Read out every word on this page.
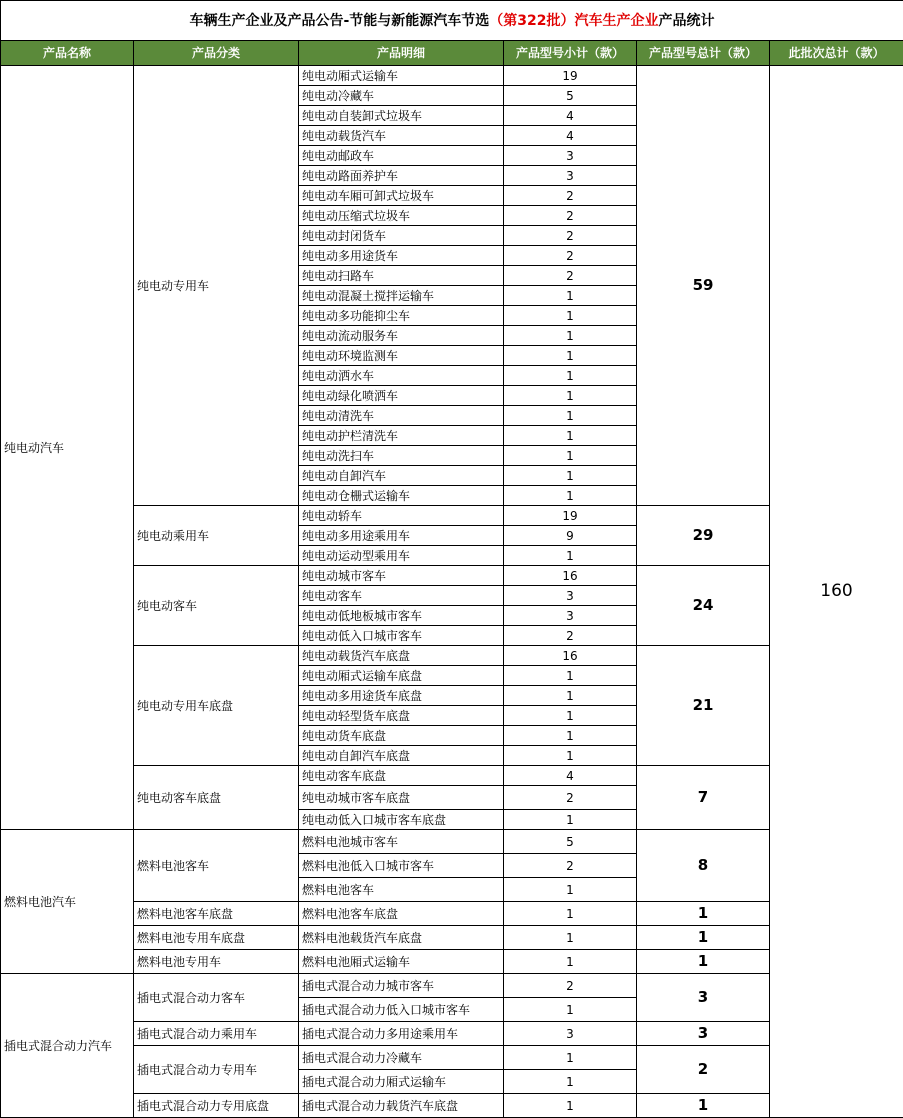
车辆生产企业及产品公告-节能与新能源汽车节选（第322批）汽车生产企业产品统计					
产品名称	产品分类	产品明细	产品型号小计（款）	产品型号总计（款）	此批次总计（款）
纯电动汽车	纯电动专用车	纯电动厢式运输车	19	59	160
		纯电动冷藏车	5		
		纯电动自装卸式垃圾车	4		
		纯电动载货汽车	4		
		纯电动邮政车	3		
		纯电动路面养护车	3		
		纯电动车厢可卸式垃圾车	2		
		纯电动压缩式垃圾车	2		
		纯电动封闭货车	2		
		纯电动多用途货车	2		
		纯电动扫路车	2		
		纯电动混凝土搅拌运输车	1		
		纯电动多功能抑尘车	1		
		纯电动流动服务车	1		
		纯电动环境监测车	1		
		纯电动洒水车	1		
		纯电动绿化喷洒车	1		
		纯电动清洗车	1		
		纯电动护栏清洗车	1		
		纯电动洗扫车	1		
		纯电动自卸汽车	1		
		纯电动仓栅式运输车	1		
	纯电动乘用车	纯电动轿车	19	29	
		纯电动多用途乘用车	9		
		纯电动运动型乘用车	1		
	纯电动客车	纯电动城市客车	16	24	
		纯电动客车	3		
		纯电动低地板城市客车	3		
		纯电动低入口城市客车	2		
	纯电动专用车底盘	纯电动载货汽车底盘	16	21	
		纯电动厢式运输车底盘	1		
		纯电动多用途货车底盘	1		
		纯电动轻型货车底盘	1		
		纯电动货车底盘	1		
		纯电动自卸汽车底盘	1		
	纯电动客车底盘	纯电动客车底盘	4	7	
		纯电动城市客车底盘	2		
		纯电动低入口城市客车底盘	1		
燃料电池汽车	燃料电池客车	燃料电池城市客车	5	8	
		燃料电池低入口城市客车	2		
		燃料电池客车	1		
	燃料电池客车底盘	燃料电池客车底盘	1	1	
	燃料电池专用车底盘	燃料电池载货汽车底盘	1	1	
	燃料电池专用车	燃料电池厢式运输车	1	1	
插电式混合动力汽车	插电式混合动力客车	插电式混合动力城市客车	2	3	
		插电式混合动力低入口城市客车	1		
	插电式混合动力乘用车	插电式混合动力多用途乘用车	3	3	
	插电式混合动力专用车	插电式混合动力冷藏车	1	2	
		插电式混合动力厢式运输车	1		
	插电式混合动力专用底盘	插电式混合动力载货汽车底盘	1	1	
